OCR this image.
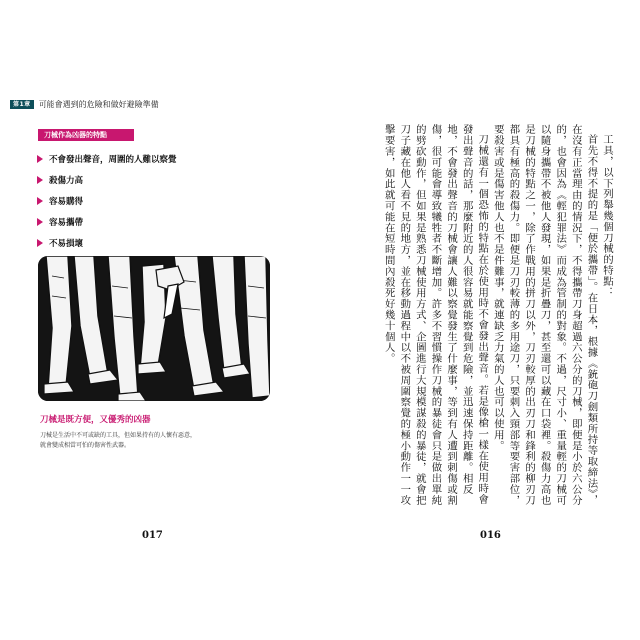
第1章	可能會遇到的危險和做好避險準備
刀械作為凶器的特點
不會發出聲音，周圍的人難以察覺
殺傷力高
容易購得
容易攜帶
不易損壞
刀械是既方便，又優秀的凶器
刀械是生活中不可或缺的工具，但如果持有的人懷有惡意，
就會變成相當可怕的傷害性武器。
017

工具，以下列舉幾個刀械的特點：

首先不得不提的是「便於攜帶」。在日本，根據《銃砲刀劍類所持等取締法》，在沒有正當理由的情況下，不得攜帶刀身超過六公分的刀械，即便是小於六公分的，也會因為《輕犯罪法》而成為管制的對象。不過，尺寸小、重量輕的刀械可以隨身攜帶不被他人發現，如果是折疊刀，甚至還可以藏在口袋裡。殺傷力高也是刀械的特點之一，除了作戰用的拼刀以外，刀刃較厚的出刃刀和鋒利的柳刃刀都具有極高的殺傷力。即便是刀刃較薄的多用途刀，只要刺入頸部等要害部位，要殺害或是傷害他人也不是件難事，就連缺乏力氣的人也可以使用。

刀械還有一個恐怖的特點在於使用時不會發出聲音。若是像槍一樣在使用時會發出聲音的話，那麼附近的人很容易就能察覺到危險，並迅速保持距離。相反地，不會發出聲音的刀械會讓人難以察覺發生了什麼事，等到有人遭到刺傷或割傷，很可能會導致犧牲者不斷增加。許多不習慣操作刀械的暴徒會只是做出單純的劈砍動作，但如果是熟悉刀械使用方式、企圖進行大規模謀殺的暴徒，就會把刀子藏在他人看不見的地方，並在移動過程中以不被周圍察覺的極小動作一一攻擊要害，如此就可能在短時間內殺死好幾十個人。

016
